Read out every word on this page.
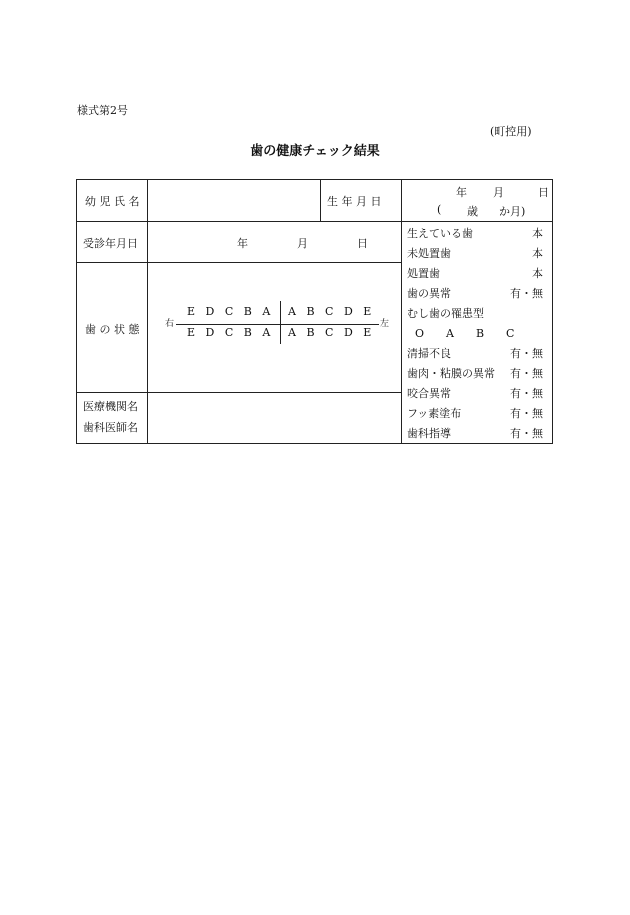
様式第2号
(町控用)
歯の健康チェック結果
幼 児 氏 名	生 年 月 日
年 月	日
( 歳 か月)
受診年月日	年	月	日
歯 の 状 態	右	左
E D C B A A B C D E
E D C B A A B C D E
医療機関名
歯科医師名
生えている歯	本
未処置歯	本
処置歯	本
歯の異常	有・無
むし歯の罹患型
O　　A　　B　　C
清掃不良	有・無
歯肉・粘膜の異常 有・無
咬合異常	有・無
フッ素塗布	有・無
歯科指導	有・無
